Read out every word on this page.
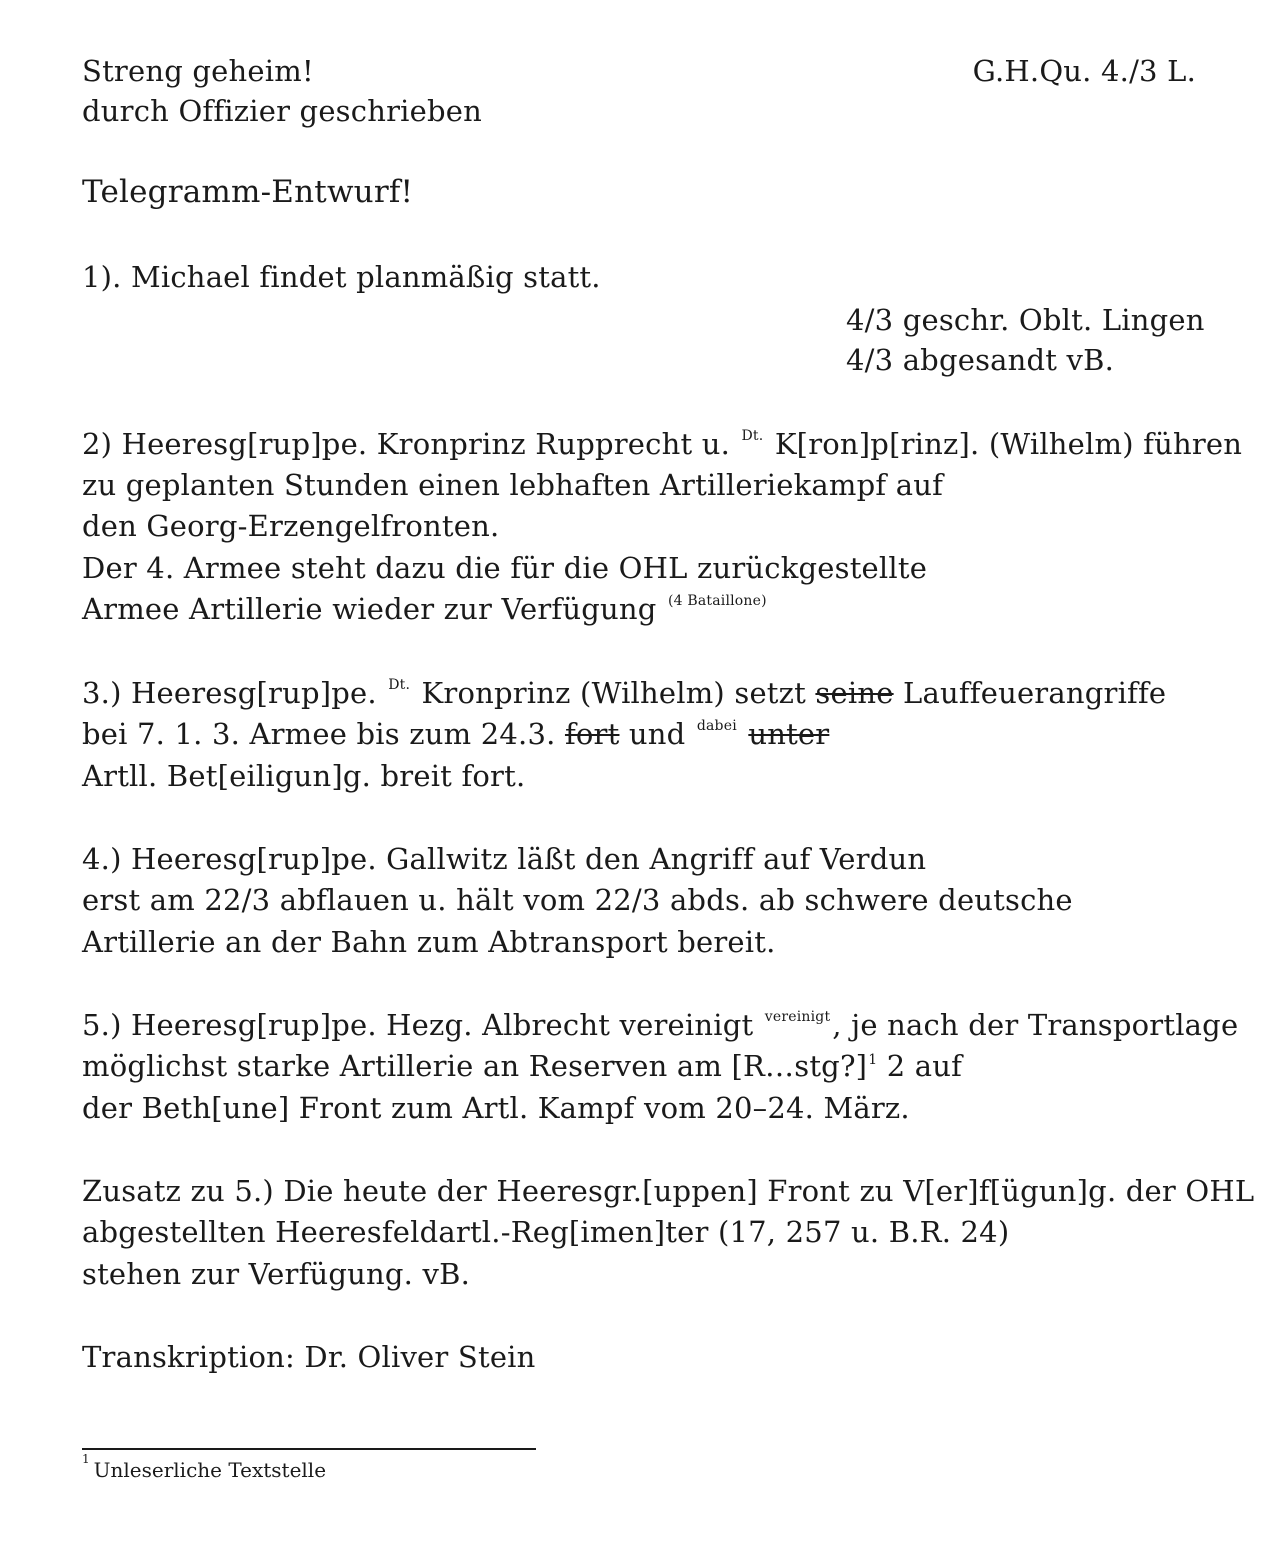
Streng geheim!
durch Offizier geschrieben
G.H.Qu. 4./3 L.
Telegramm-Entwurf!
1). Michael findet planmäßig statt.
4/3 geschr. Oblt. Lingen
4/3 abgesandt vB.
2) Heeresg[rup]pe. Kronprinz Rupprecht u. $^{Dt.}$ K[ron]p[rinz]. (Wilhelm) führen
zu geplanten Stunden einen lebhaften Artilleriekampf auf
den Georg-Erzengelfronten.
Der 4. Armee steht dazu die für die OHL zurückgestellte
Armee Artillerie wieder zur Verfügung $^{(4 Bataillone)}$
3.) Heeresg[rup]pe. $^{Dt.}$ Kronprinz (Wilhelm) setzt seine Lauffeuerangriffe
bei 7. 1. 3. Armee bis zum 24.3. fort und $^{dabei}$ unter
Artll. Bet[eiligun]g. breit fort.
4.) Heeresg[rup]pe. Gallwitz läßt den Angriff auf Verdun
erst am 22/3 abflauen u. hält vom 22/3 abds. ab schwere deutsche
Artillerie an der Bahn zum Abtransport bereit.
5.) Heeresg[rup]pe. Hezg. Albrecht vereinigt $^{vereinigt}$, je nach der Transportlage
möglichst starke Artillerie an Reserven am [R…stg?]$^1$ 2 auf
der Beth[une] Front zum Artl. Kampf vom 20–24. März.
Zusatz zu 5.) Die heute der Heeresgr.[uppen] Front zu V[er]f[ügun]g. der OHL
abgestellten Heeresfeldartl.-Reg[imen]ter (17, 257 u. B.R. 24)
stehen zur Verfügung. vB.
Transkription: Dr. Oliver Stein
$^1$ Unleserliche Textstelle
